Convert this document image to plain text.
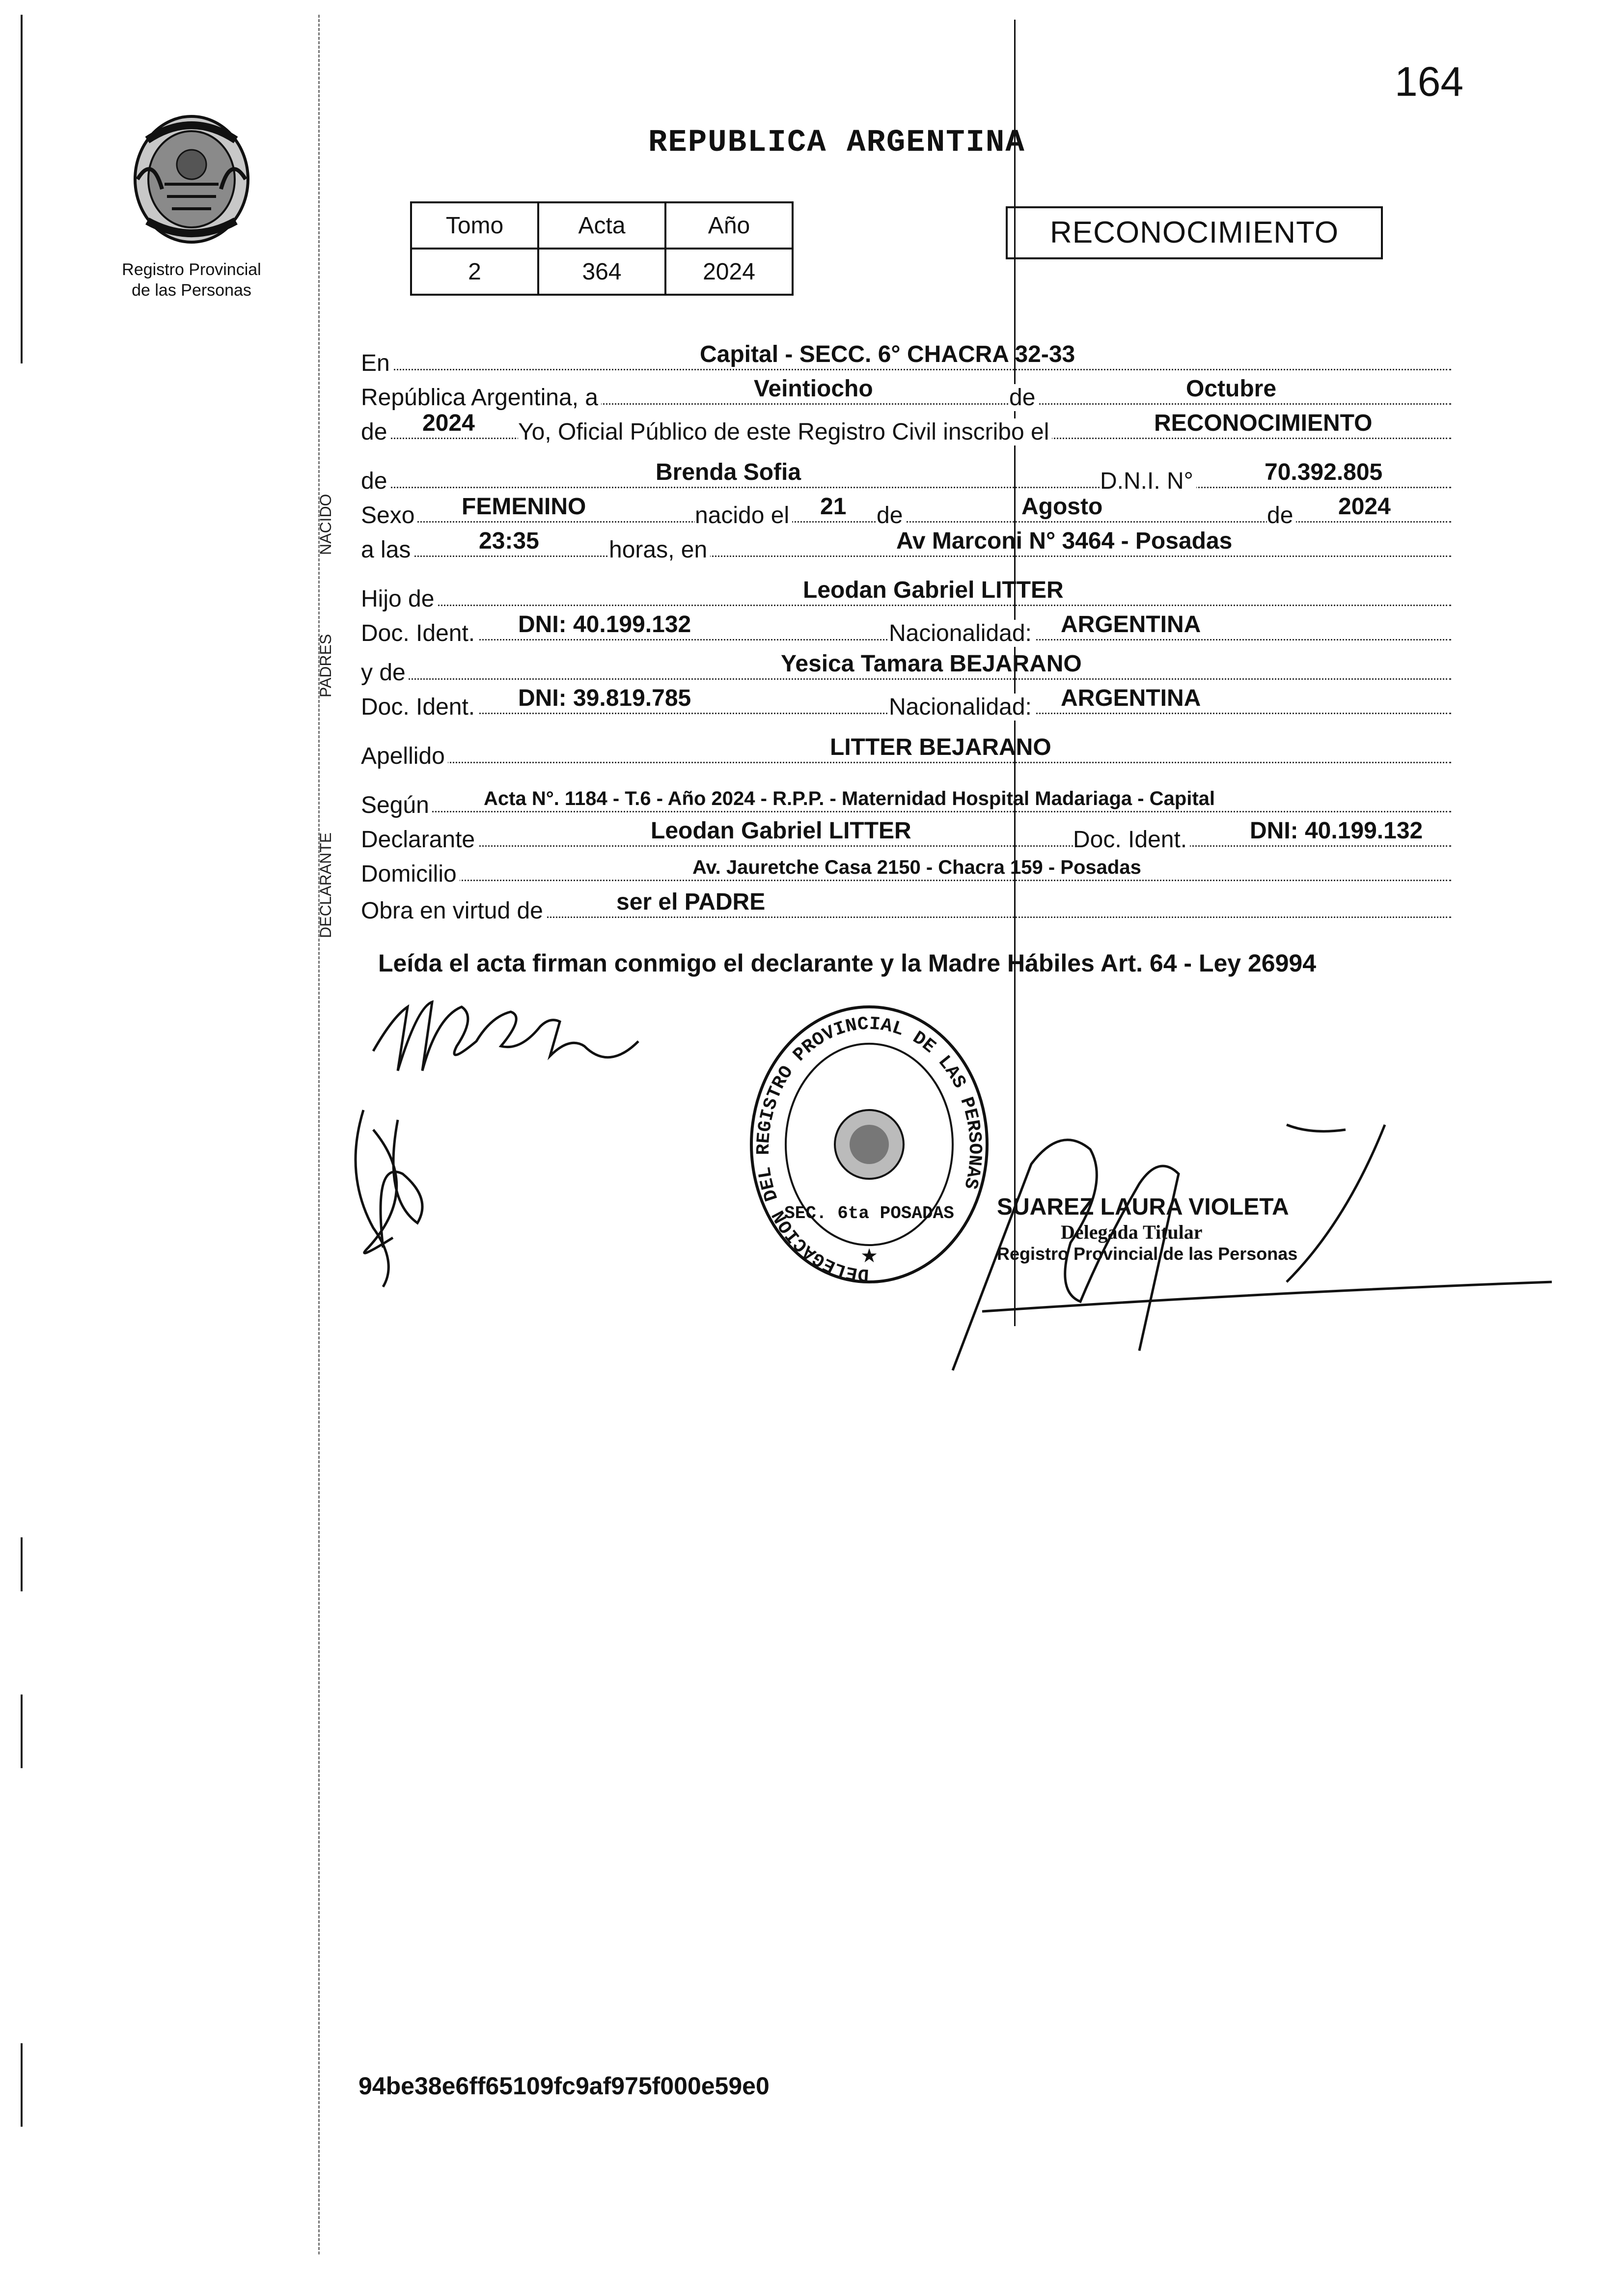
164
Registro Provincial
de las Personas
REPUBLICA ARGENTINA
Tomo	Acta	Año
2	364	2024
RECONOCIMIENTO
PADRES
NACIDO
DECLARANTE
En	Capital - SECC. 6° CHACRA 32-33
República Argentina, a	Veintiocho	de	Octubre
de 2024 Yo, Oficial Público de este Registro Civil inscribo el	RECONOCIMIENTO
de	Brenda Sofia	D.N.I. N°	70.392.805
Sexo FEMENINO	nacido el 21 de	Agosto	de 2024
a las	23:35	horas, en	Av Marconi N° 3464 - Posadas
Hijo de	Leodan Gabriel LITTER
Doc. Ident. DNI: 40.199.132	Nacionalidad: ARGENTINA
y de	Yesica Tamara BEJARANO
Doc. Ident. DNI: 39.819.785	Nacionalidad: ARGENTINA
Apellido	LITTER BEJARANO
Según	Acta N°. 1184 - T.6 - Año 2024 - R.P.P. - Maternidad Hospital Madariaga - Capital
Declarante	Leodan Gabriel LITTER	Doc. Ident.	DNI: 40.199.132
Domicilio	Av. Jauretche Casa 2150 - Chacra 159 - Posadas
Obra en virtud de	ser el PADRE
Leída el acta firman conmigo el declarante y la Madre Hábiles Art. 64 - Ley 26994
DELEGACION DEL REGISTRO PROVINCIAL DE LAS PERSONAS
SEC. 6ta POSADAS
★
SUAREZ LAURA VIOLETA
Delegada Titular
Registro Provincial de las Personas
94be38e6ff65109fc9af975f000e59e0
